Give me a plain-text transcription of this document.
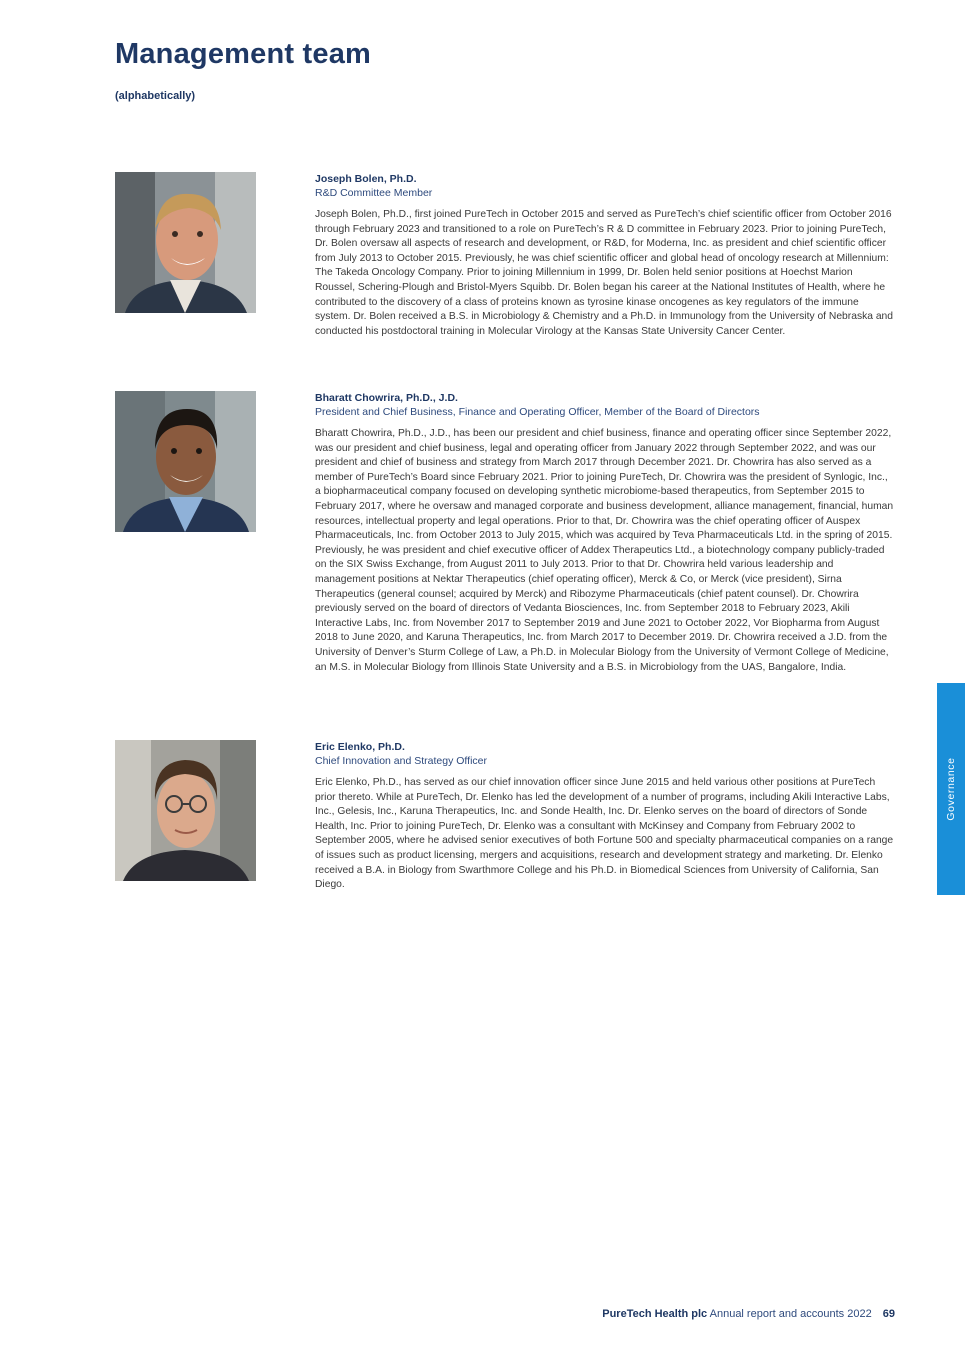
Management team
(alphabetically)
Joseph Bolen, Ph.D.
R&D Committee Member

Joseph Bolen, Ph.D., first joined PureTech in October 2015 and served as PureTech’s chief scientific officer from October 2016 through February 2023 and transitioned to a role on PureTech’s R & D committee in February 2023. Prior to joining PureTech, Dr. Bolen oversaw all aspects of research and development, or R&D, for Moderna, Inc. as president and chief scientific officer from July 2013 to October 2015. Previously, he was chief scientific officer and global head of oncology research at Millennium: The Takeda Oncology Company. Prior to joining Millennium in 1999, Dr. Bolen held senior positions at Hoechst Marion Roussel, Schering-Plough and Bristol-Myers Squibb. Dr. Bolen began his career at the National Institutes of Health, where he contributed to the discovery of a class of proteins known as tyrosine kinase oncogenes as key regulators of the immune system. Dr. Bolen received a B.S. in Microbiology & Chemistry and a Ph.D. in Immunology from the University of Nebraska and conducted his postdoctoral training in Molecular Virology at the Kansas State University Cancer Center.

Bharatt Chowrira, Ph.D., J.D.
President and Chief Business, Finance and Operating Officer, Member of the Board of Directors

Bharatt Chowrira, Ph.D., J.D., has been our president and chief business, finance and operating officer since September 2022, was our president and chief business, legal and operating officer from January 2022 through September 2022, and was our president and chief of business and strategy from March 2017 through December 2021. Dr. Chowrira has also served as a member of PureTech’s Board since February 2021. Prior to joining PureTech, Dr. Chowrira was the president of Synlogic, Inc., a biopharmaceutical company focused on developing synthetic microbiome-based therapeutics, from September 2015 to February 2017, where he oversaw and managed corporate and business development, alliance management, financial, human resources, intellectual property and legal operations. Prior to that, Dr. Chowrira was the chief operating officer of Auspex Pharmaceuticals, Inc. from October 2013 to July 2015, which was acquired by Teva Pharmaceuticals Ltd. in the spring of 2015. Previously, he was president and chief executive officer of Addex Therapeutics Ltd., a biotechnology company publicly-traded on the SIX Swiss Exchange, from August 2011 to July 2013. Prior to that Dr. Chowrira held various leadership and management positions at Nektar Therapeutics (chief operating officer), Merck & Co, or Merck (vice president), Sirna Therapeutics (general counsel; acquired by Merck) and Ribozyme Pharmaceuticals (chief patent counsel). Dr. Chowrira previously served on the board of directors of Vedanta Biosciences, Inc. from September 2018 to February 2023, Akili Interactive Labs, Inc. from November 2017 to September 2019 and June 2021 to October 2022, Vor Biopharma from August 2018 to June 2020, and Karuna Therapeutics, Inc. from March 2017 to December 2019. Dr. Chowrira received a J.D. from the University of Denver’s Sturm College of Law, a Ph.D. in Molecular Biology from the University of Vermont College of Medicine, an M.S. in Molecular Biology from Illinois State University and a B.S. in Microbiology from the UAS, Bangalore, India.

Eric Elenko, Ph.D.
Chief Innovation and Strategy Officer

Eric Elenko, Ph.D., has served as our chief innovation officer since June 2015 and held various other positions at PureTech prior thereto. While at PureTech, Dr. Elenko has led the development of a number of programs, including Akili Interactive Labs, Inc., Gelesis, Inc., Karuna Therapeutics, Inc. and Sonde Health, Inc. Dr. Elenko serves on the board of directors of Sonde Health, Inc. Prior to joining PureTech, Dr. Elenko was a consultant with McKinsey and Company from February 2002 to September 2005, where he advised senior executives of both Fortune 500 and specialty pharmaceutical companies on a range of issues such as product licensing, mergers and acquisitions, research and development strategy and marketing. Dr. Elenko received a B.A. in Biology from Swarthmore College and his Ph.D. in Biomedical Sciences from University of California, San Diego.

Governance
PureTech Health plc Annual report and accounts 2022 69
